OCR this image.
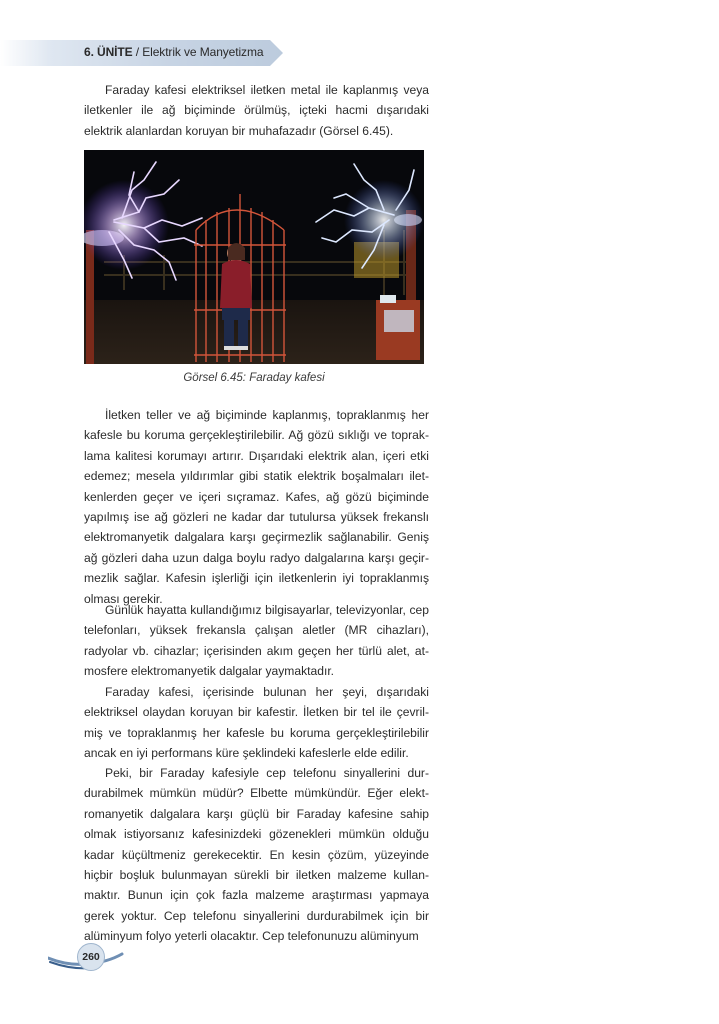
6. ÜNİTE / Elektrik ve Manyetizma

Faraday kafesi elektriksel iletken metal ile kaplanmış veya iletkenler ile ağ biçiminde örülmüş, içteki hacmi dışarıdaki elektrik alanlardan koruyan bir muhafazadır (Görsel 6.45).

Görsel 6.45: Faraday kafesi

İletken teller ve ağ biçiminde kaplanmış, topraklanmış her kafesle bu koruma gerçekleştirilebilir. Ağ gözü sıklığı ve topraklama kalitesi korumayı artırır. Dışarıdaki elektrik alan, içeri etki edemez; mesela yıldırımlar gibi statik elektrik boşalmaları iletkenlerden geçer ve içeri sıçramaz. Kafes, ağ gözü biçiminde yapılmış ise ağ gözleri ne kadar dar tutulursa yüksek frekanslı elektromanyetik dalgalara karşı geçirmezlik sağlanabilir. Geniş ağ gözleri daha uzun dalga boylu radyo dalgalarına karşı geçirmezlik sağlar. Kafesin işlerliği için iletkenlerin iyi topraklanmış olması gerekir.

Günlük hayatta kullandığımız bilgisayarlar, televizyonlar, cep telefonları, yüksek frekansla çalışan aletler (MR cihazları), radyolar vb. cihazlar; içerisinden akım geçen her türlü alet, atmosfere elektromanyetik dalgalar yaymaktadır.

Faraday kafesi, içerisinde bulunan her şeyi, dışarıdaki elektriksel olaydan koruyan bir kafestir. İletken bir tel ile çevrilmiş ve topraklanmış her kafesle bu koruma gerçekleştirilebilir ancak en iyi performans küre şeklindeki kafeslerle elde edilir.

Peki, bir Faraday kafesiyle cep telefonu sinyallerini durdurabilmek mümkün müdür? Elbette mümkündür. Eğer elektromanyetik dalgalara karşı güçlü bir Faraday kafesine sahip olmak istiyorsanız kafesinizdeki gözenekleri mümkün olduğu kadar küçültmeniz gerekecektir. En kesin çözüm, yüzeyinde hiçbir boşluk bulunmayan sürekli bir iletken malzeme kullanmaktır. Bunun için çok fazla malzeme araştırması yapmaya gerek yoktur. Cep telefonu sinyallerini durdurabilmek için bir alüminyum folyo yeterli olacaktır. Cep telefonunuzu alüminyum

260
